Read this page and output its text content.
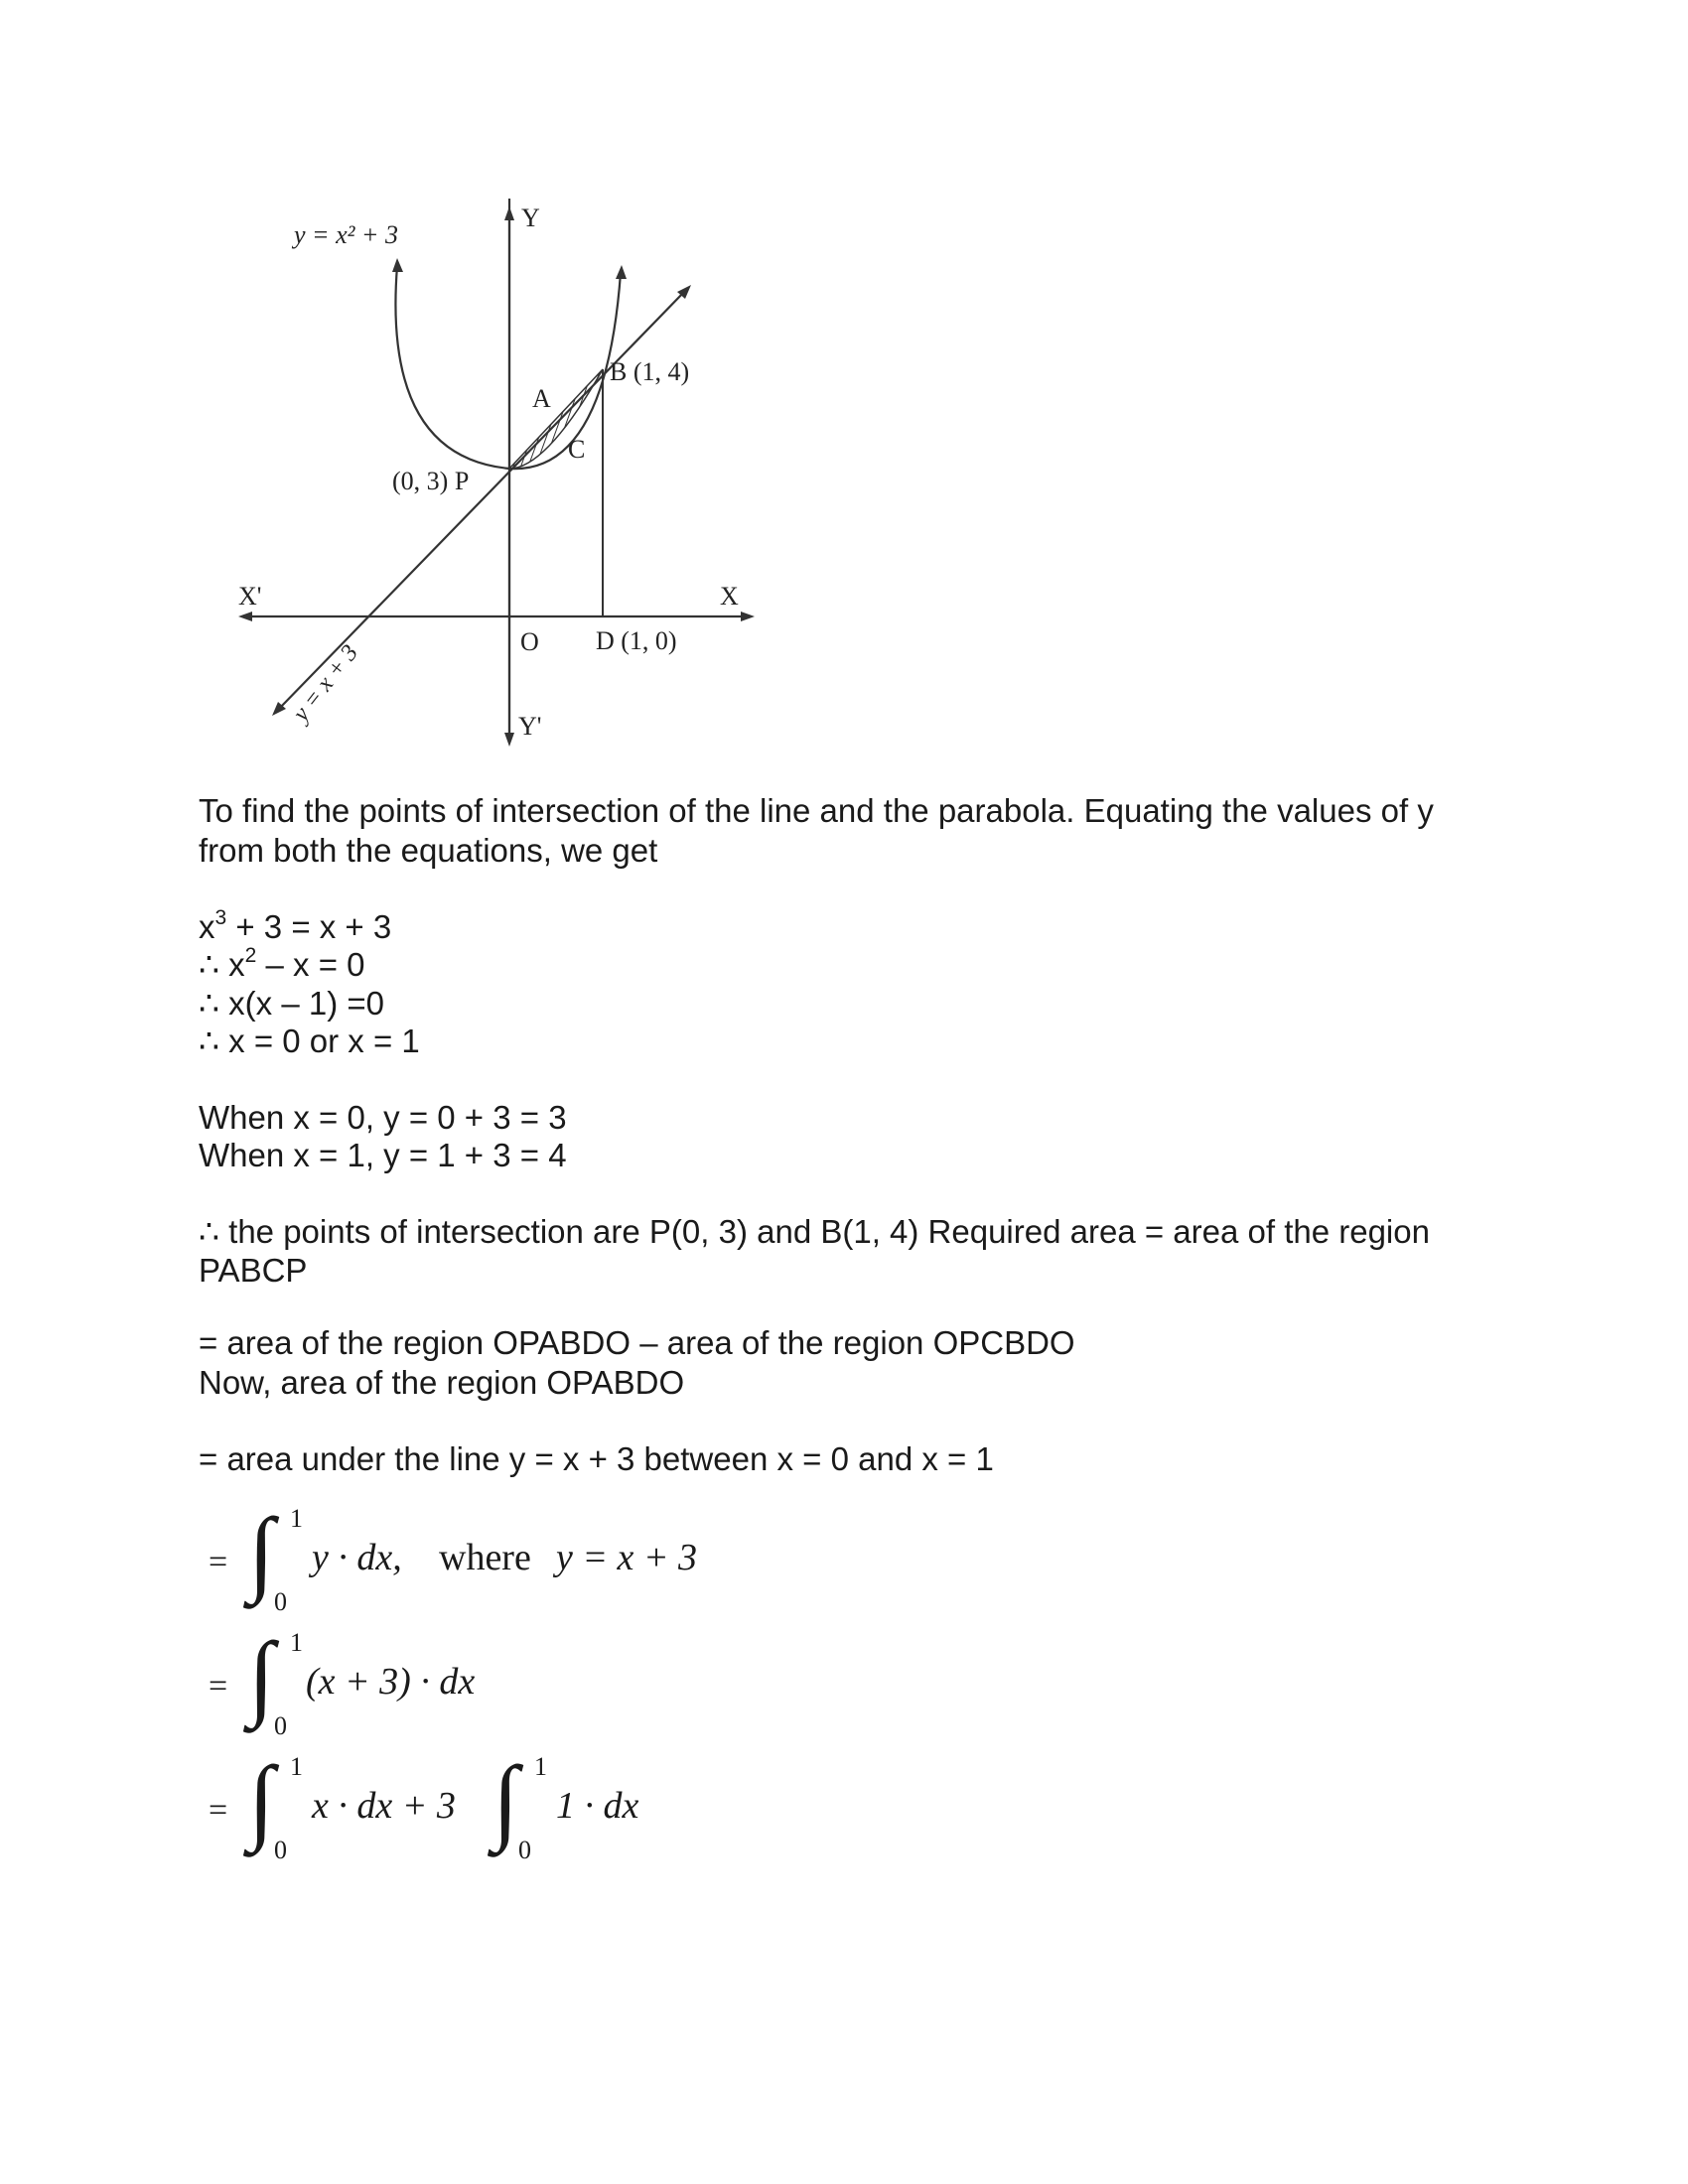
y = x² + 3
Y
Y'
X
X'
O
A
B (1, 4)
C
(0, 3) P
D (1, 0)
y = x + 3
To find the points of intersection of the line and the parabola. Equating the values of y
from both the equations, we get
$x^3 + 3 = x + 3$
∴ $x^2 - x = 0$
∴ x(x – 1) =0
∴ x = 0 or x = 1
When x = 0, y = 0 + 3 = 3
When x = 1, y = 1 + 3 = 4
∴ the points of intersection are P(0, 3) and B(1, 4) Required area = area of the region
PABCP
= area of the region OPABDO – area of the region OPCBDO
Now, area of the region OPABDO
= area under the line y = x + 3 between x = 0 and x = 1
= ∫ 1
0
y · dx, where y = x + 3
= ∫ 1
0
(x + 3) · dx
= ∫ 1
0
x · dx + 3 ∫ 1
0
1 · dx
